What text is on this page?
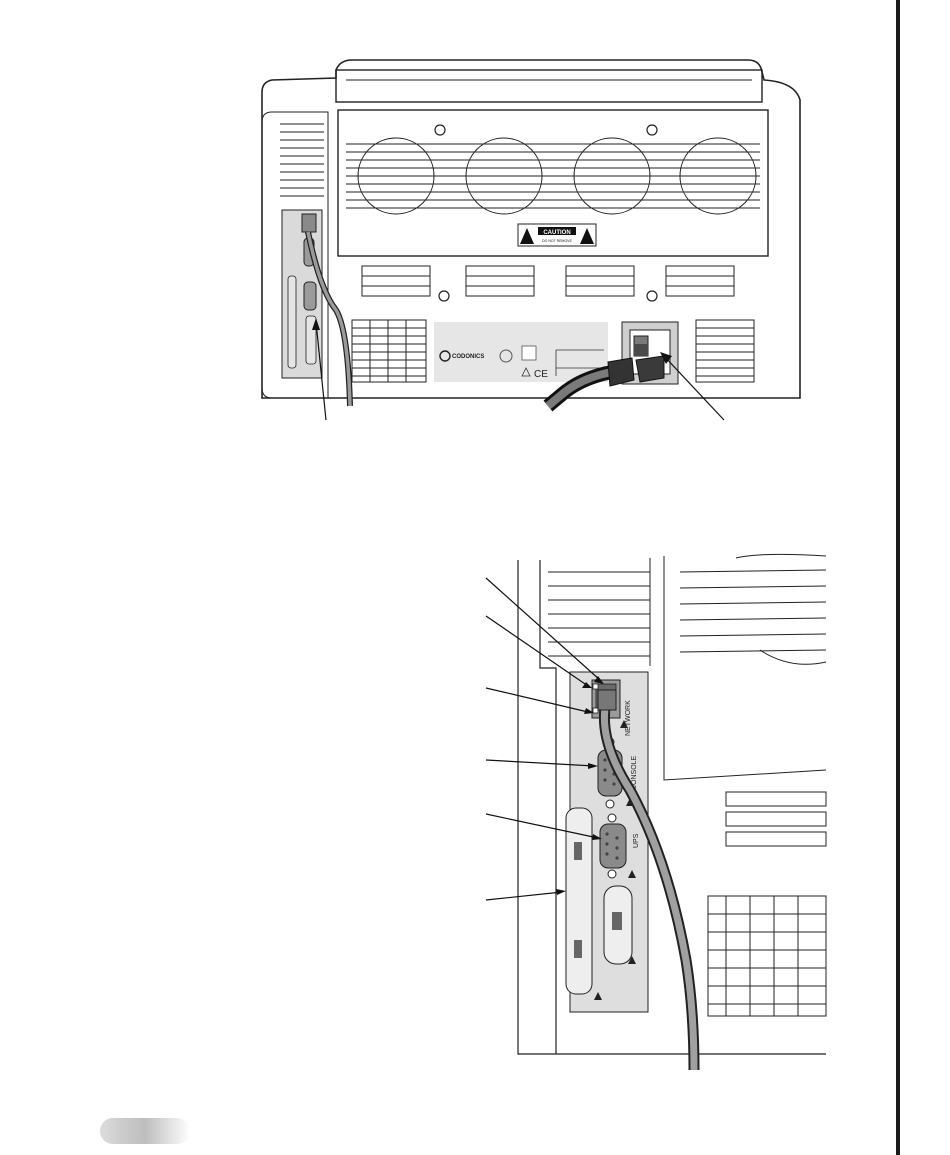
CAUTION
DO NOT REMOVE
CODONICS
CE
NETWORK
CONSOLE
UPS
